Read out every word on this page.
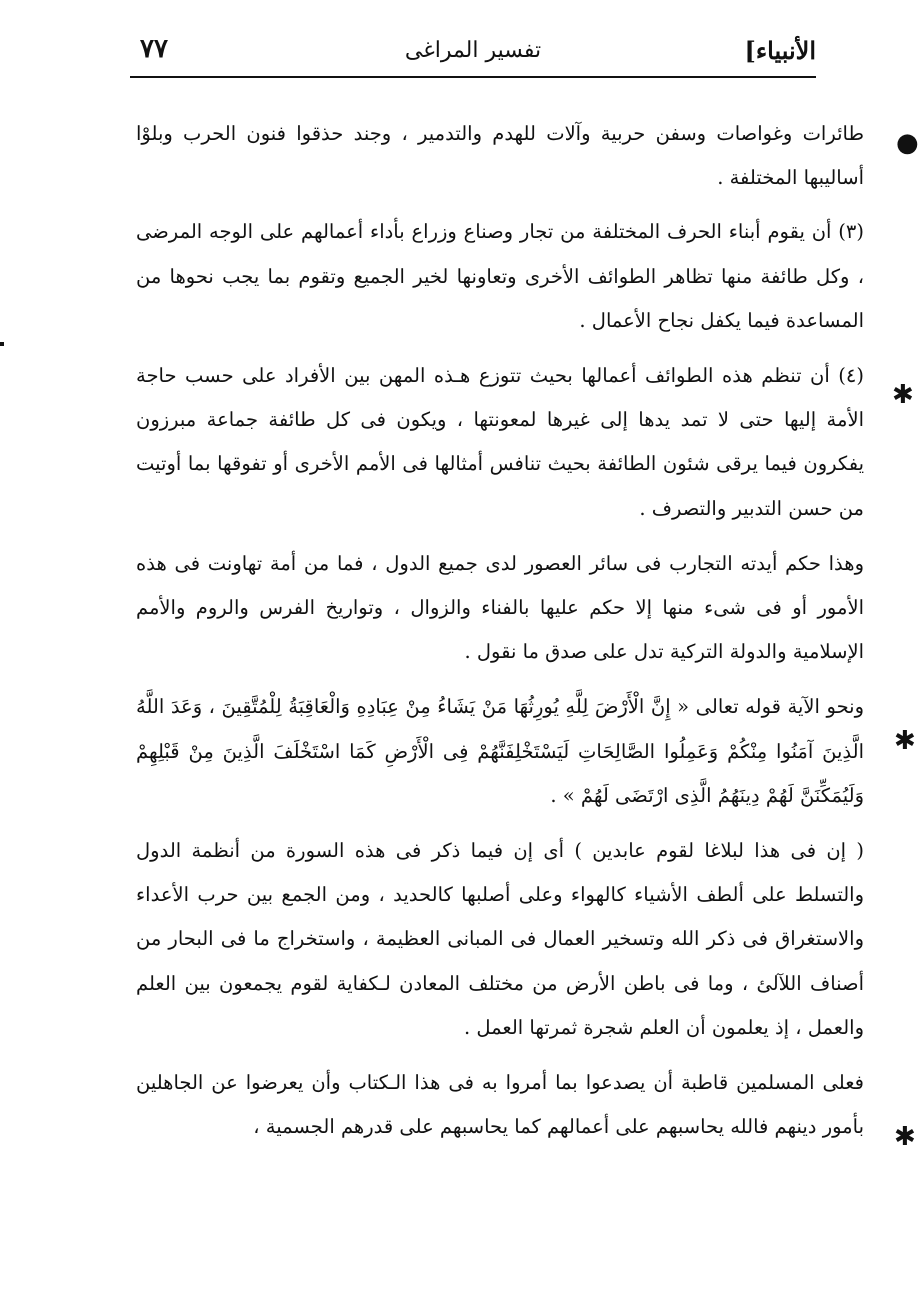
الأنبياء]
تفسير المراغى
٧٧

طائرات وغواصات وسفن حربية وآلات للهدم والتدمير ، وجند حذقوا فنون الحرب وبلوْا أساليبها المختلفة .

(٣) أن يقوم أبناء الحرف المختلفة من تجار وصناع وزراع بأداء أعمالهم على الوجه المرضى ، وكل طائفة منها تظاهر الطوائف الأخرى وتعاونها لخير الجميع وتقوم بما يجب نحوها من المساعدة فيما يكفل نجاح الأعمال .

(٤) أن تنظم هذه الطوائف أعمالها بحيث تتوزع هـذه المهن بين الأفراد على حسب حاجة الأمة إليها حتى لا تمد يدها إلى غيرها لمعونتها ، ويكون فى كل طائفة جماعة مبرزون يفكرون فيما يرقى شئون الطائفة بحيث تنافس أمثالها فى الأمم الأخرى أو تفوقها بما أوتيت من حسن التدبير والتصرف .

وهذا حكم أيدته التجارب فى سائر العصور لدى جميع الدول ، فما من أمة تهاونت فى هذه الأمور أو فى شىء منها إلا حكم عليها بالفناء والزوال ، وتواريخ الفرس والروم والأمم الإسلامية والدولة التركية تدل على صدق ما نقول .

ونحو الآية قوله تعالى « إِنَّ الْأَرْضَ لِلَّهِ يُورِثُهَا مَنْ يَشَاءُ مِنْ عِبَادِهِ وَالْعَاقِبَةُ لِلْمُتَّقِينَ ، وَعَدَ اللَّهُ الَّذِينَ آمَنُوا مِنْكُمْ وَعَمِلُوا الصَّالِحَاتِ لَيَسْتَخْلِفَنَّهُمْ فِى الْأَرْضِ كَمَا اسْتَخْلَفَ الَّذِينَ مِنْ قَبْلِهِمْ وَلَيُمَكِّنَنَّ لَهُمْ دِينَهُمُ الَّذِى ارْتَضَى لَهُمْ » .

( إن فى هذا لبلاغا لقوم عابدين ) أى إن فيما ذكر فى هذه السورة من أنظمة الدول والتسلط على ألطف الأشياء كالهواء وعلى أصلبها كالحديد ، ومن الجمع بين حرب الأعداء والاستغراق فى ذكر الله وتسخير العمال فى المبانى العظيمة ، واستخراج ما فى البحار من أصناف اللآلئ ، وما فى باطن الأرض من مختلف المعادن لـكفاية لقوم يجمعون بين العلم والعمل ، إذ يعلمون أن العلم شجرة ثمرتها العمل .

فعلى المسلمين قاطبة أن يصدعوا بما أمروا به فى هذا الـكتاب وأن يعرضوا عن الجاهلين بأمور دينهم فالله يحاسبهم على أعمالهم كما يحاسبهم على قدرهم الجسمية ،

●
✱
✱
✱
